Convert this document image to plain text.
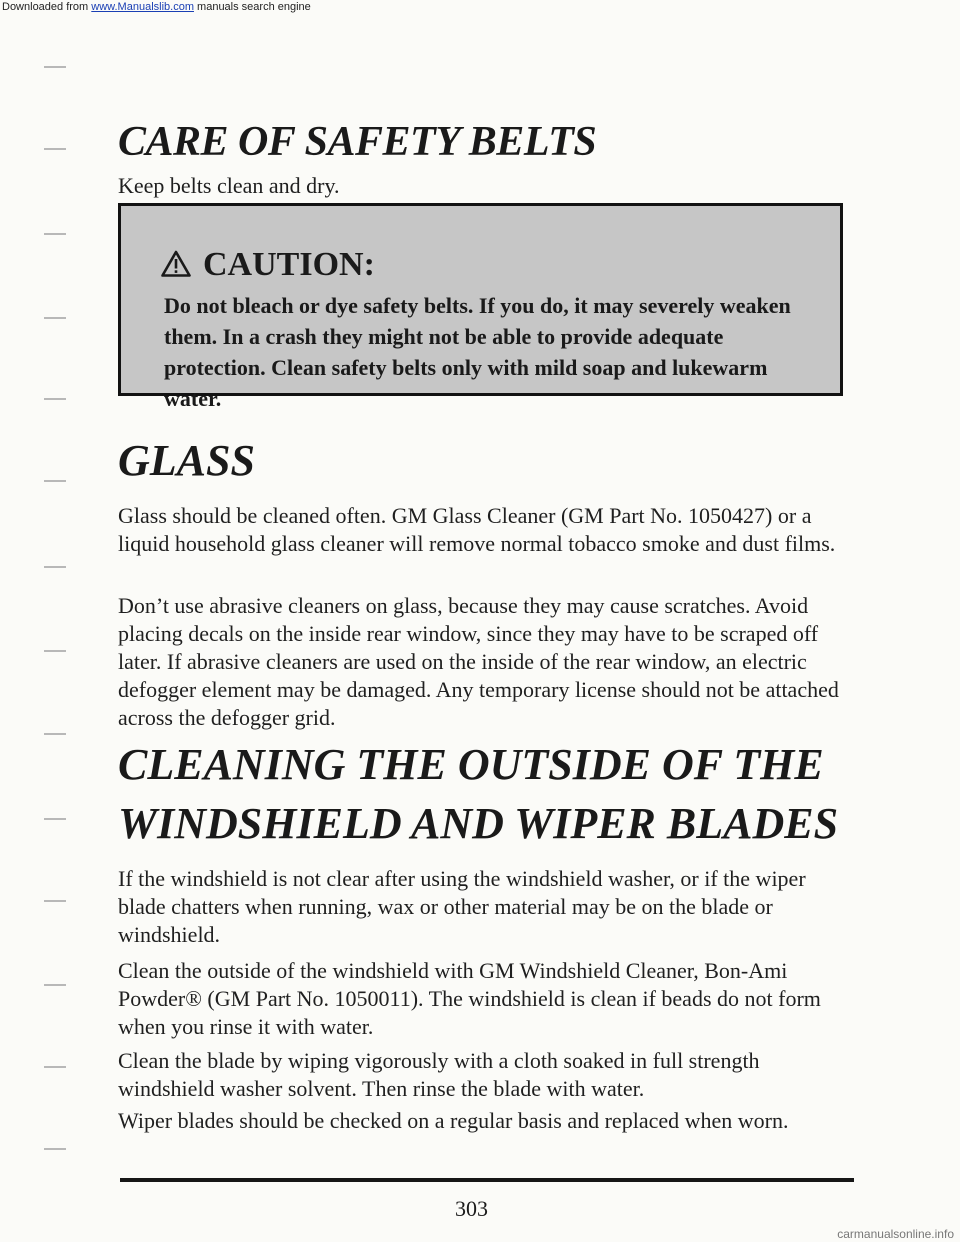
Downloaded from www.Manualslib.com manuals search engine
CARE OF SAFETY BELTS

Keep belts clean and dry.

CAUTION:

Do not bleach or dye safety belts. If you do, it may severely weaken them. In a crash they might not be able to provide adequate protection. Clean safety belts only with mild soap and lukewarm water.

GLASS

Glass should be cleaned often. GM Glass Cleaner (GM Part No. 1050427) or a liquid household glass cleaner will remove normal tobacco smoke and dust films.

Don’t use abrasive cleaners on glass, because they may cause scratches. Avoid placing decals on the inside rear window, since they may have to be scraped off later. If abrasive cleaners are used on the inside of the rear window, an electric defogger element may be damaged. Any temporary license should not be attached across the defogger grid.

CLEANING THE OUTSIDE OF THE
WINDSHIELD AND WIPER BLADES

If the windshield is not clear after using the windshield washer, or if the wiper blade chatters when running, wax or other material may be on the blade or windshield.

Clean the outside of the windshield with GM Windshield Cleaner, Bon-Ami Powder® (GM Part No. 1050011). The windshield is clean if beads do not form when you rinse it with water.

Clean the blade by wiping vigorously with a cloth soaked in full strength windshield washer solvent. Then rinse the blade with water.

Wiper blades should be checked on a regular basis and replaced when worn.

303

carmanualsonline.info
